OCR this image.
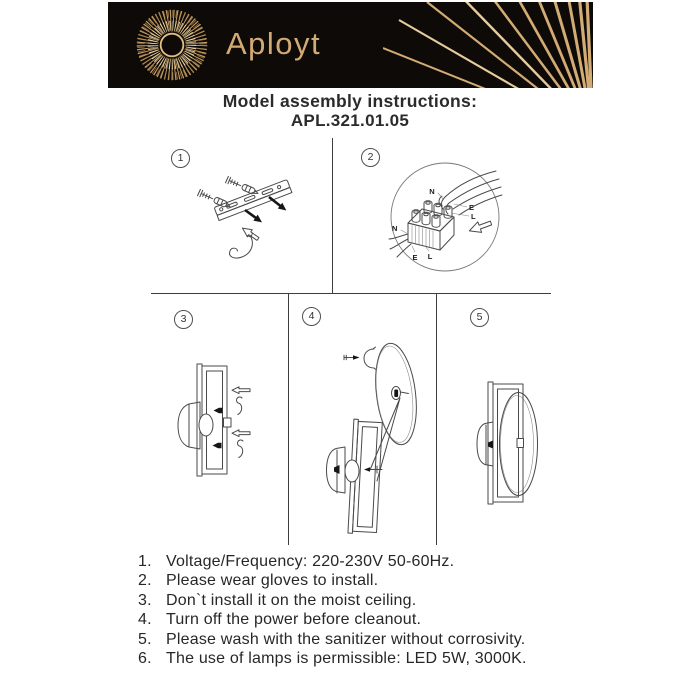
Aployt
Model assembly instructions:
APL.321.01.05
1	2
3	4	5
N
E
L
N
E L
1. Voltage/Frequency: 220-230V 50-60Hz.
2. Please wear gloves to install.
3. Don`t install it on the moist ceiling.
4. Turn off the power before cleanout.
5. Please wash with the sanitizer without corrosivity.
6. The use of lamps is permissible: LED 5W, 3000K.
